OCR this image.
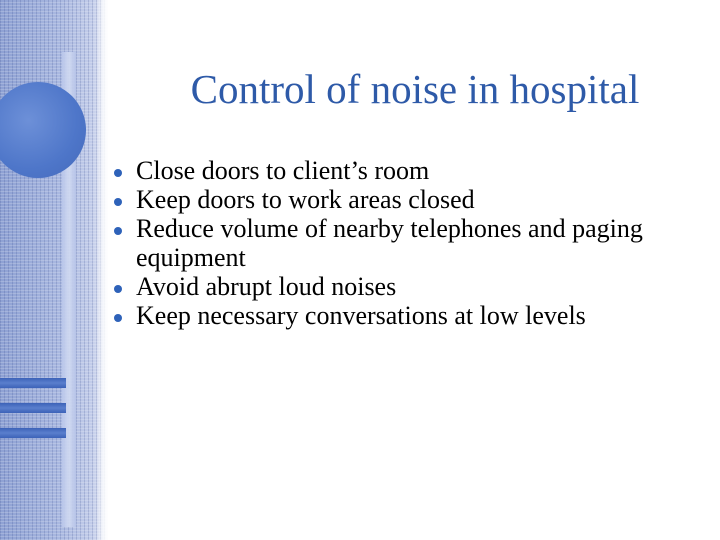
Control of noise in hospital
Close doors to client’s room
Keep doors to work areas closed
Reduce volume of nearby telephones and paging equipment
Avoid abrupt loud noises
Keep necessary conversations at low levels
